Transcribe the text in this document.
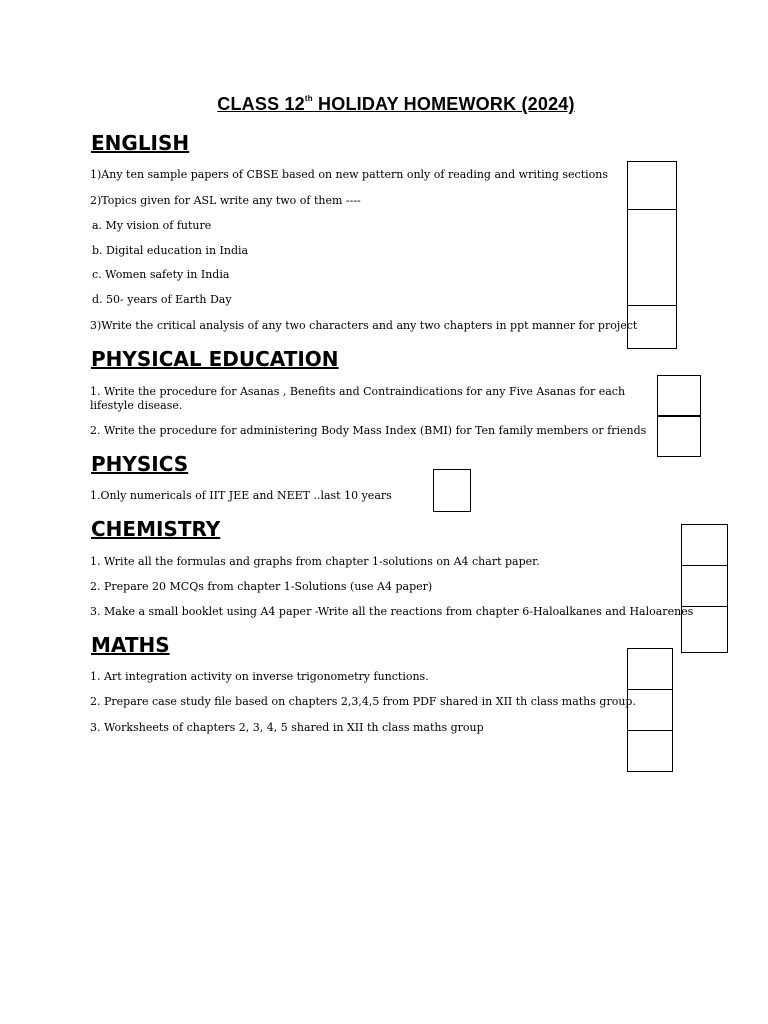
CLASS 12th HOLIDAY HOMEWORK (2024)
ENGLISH
1)Any ten sample papers of CBSE based on new pattern only of reading and writing sections
2)Topics given for ASL write any two of them ----
a. My vision of future
b. Digital education in India
c. Women safety in India
d. 50- years of Earth Day
3)Write the critical analysis of any two characters and any two chapters in ppt manner for project
PHYSICAL EDUCATION
1. Write the procedure for Asanas , Benefits and Contraindications for any Five Asanas for each lifestyle disease.
2. Write the procedure for administering Body Mass Index (BMI) for Ten family members or friends
PHYSICS
1.Only numericals of IIT JEE and NEET ..last 10 years
CHEMISTRY
1. Write all the formulas and graphs from chapter 1-solutions on A4 chart paper.
2. Prepare 20 MCQs from chapter 1-Solutions (use A4 paper)
3. Make a small booklet using A4 paper -Write all the reactions from chapter 6-Haloalkanes and Haloarenes
MATHS
1. Art integration activity on inverse trigonometry functions.
2. Prepare case study file based on chapters 2,3,4,5 from PDF shared in XII th class maths group.
3. Worksheets of chapters 2, 3, 4, 5 shared in XII th class maths group
